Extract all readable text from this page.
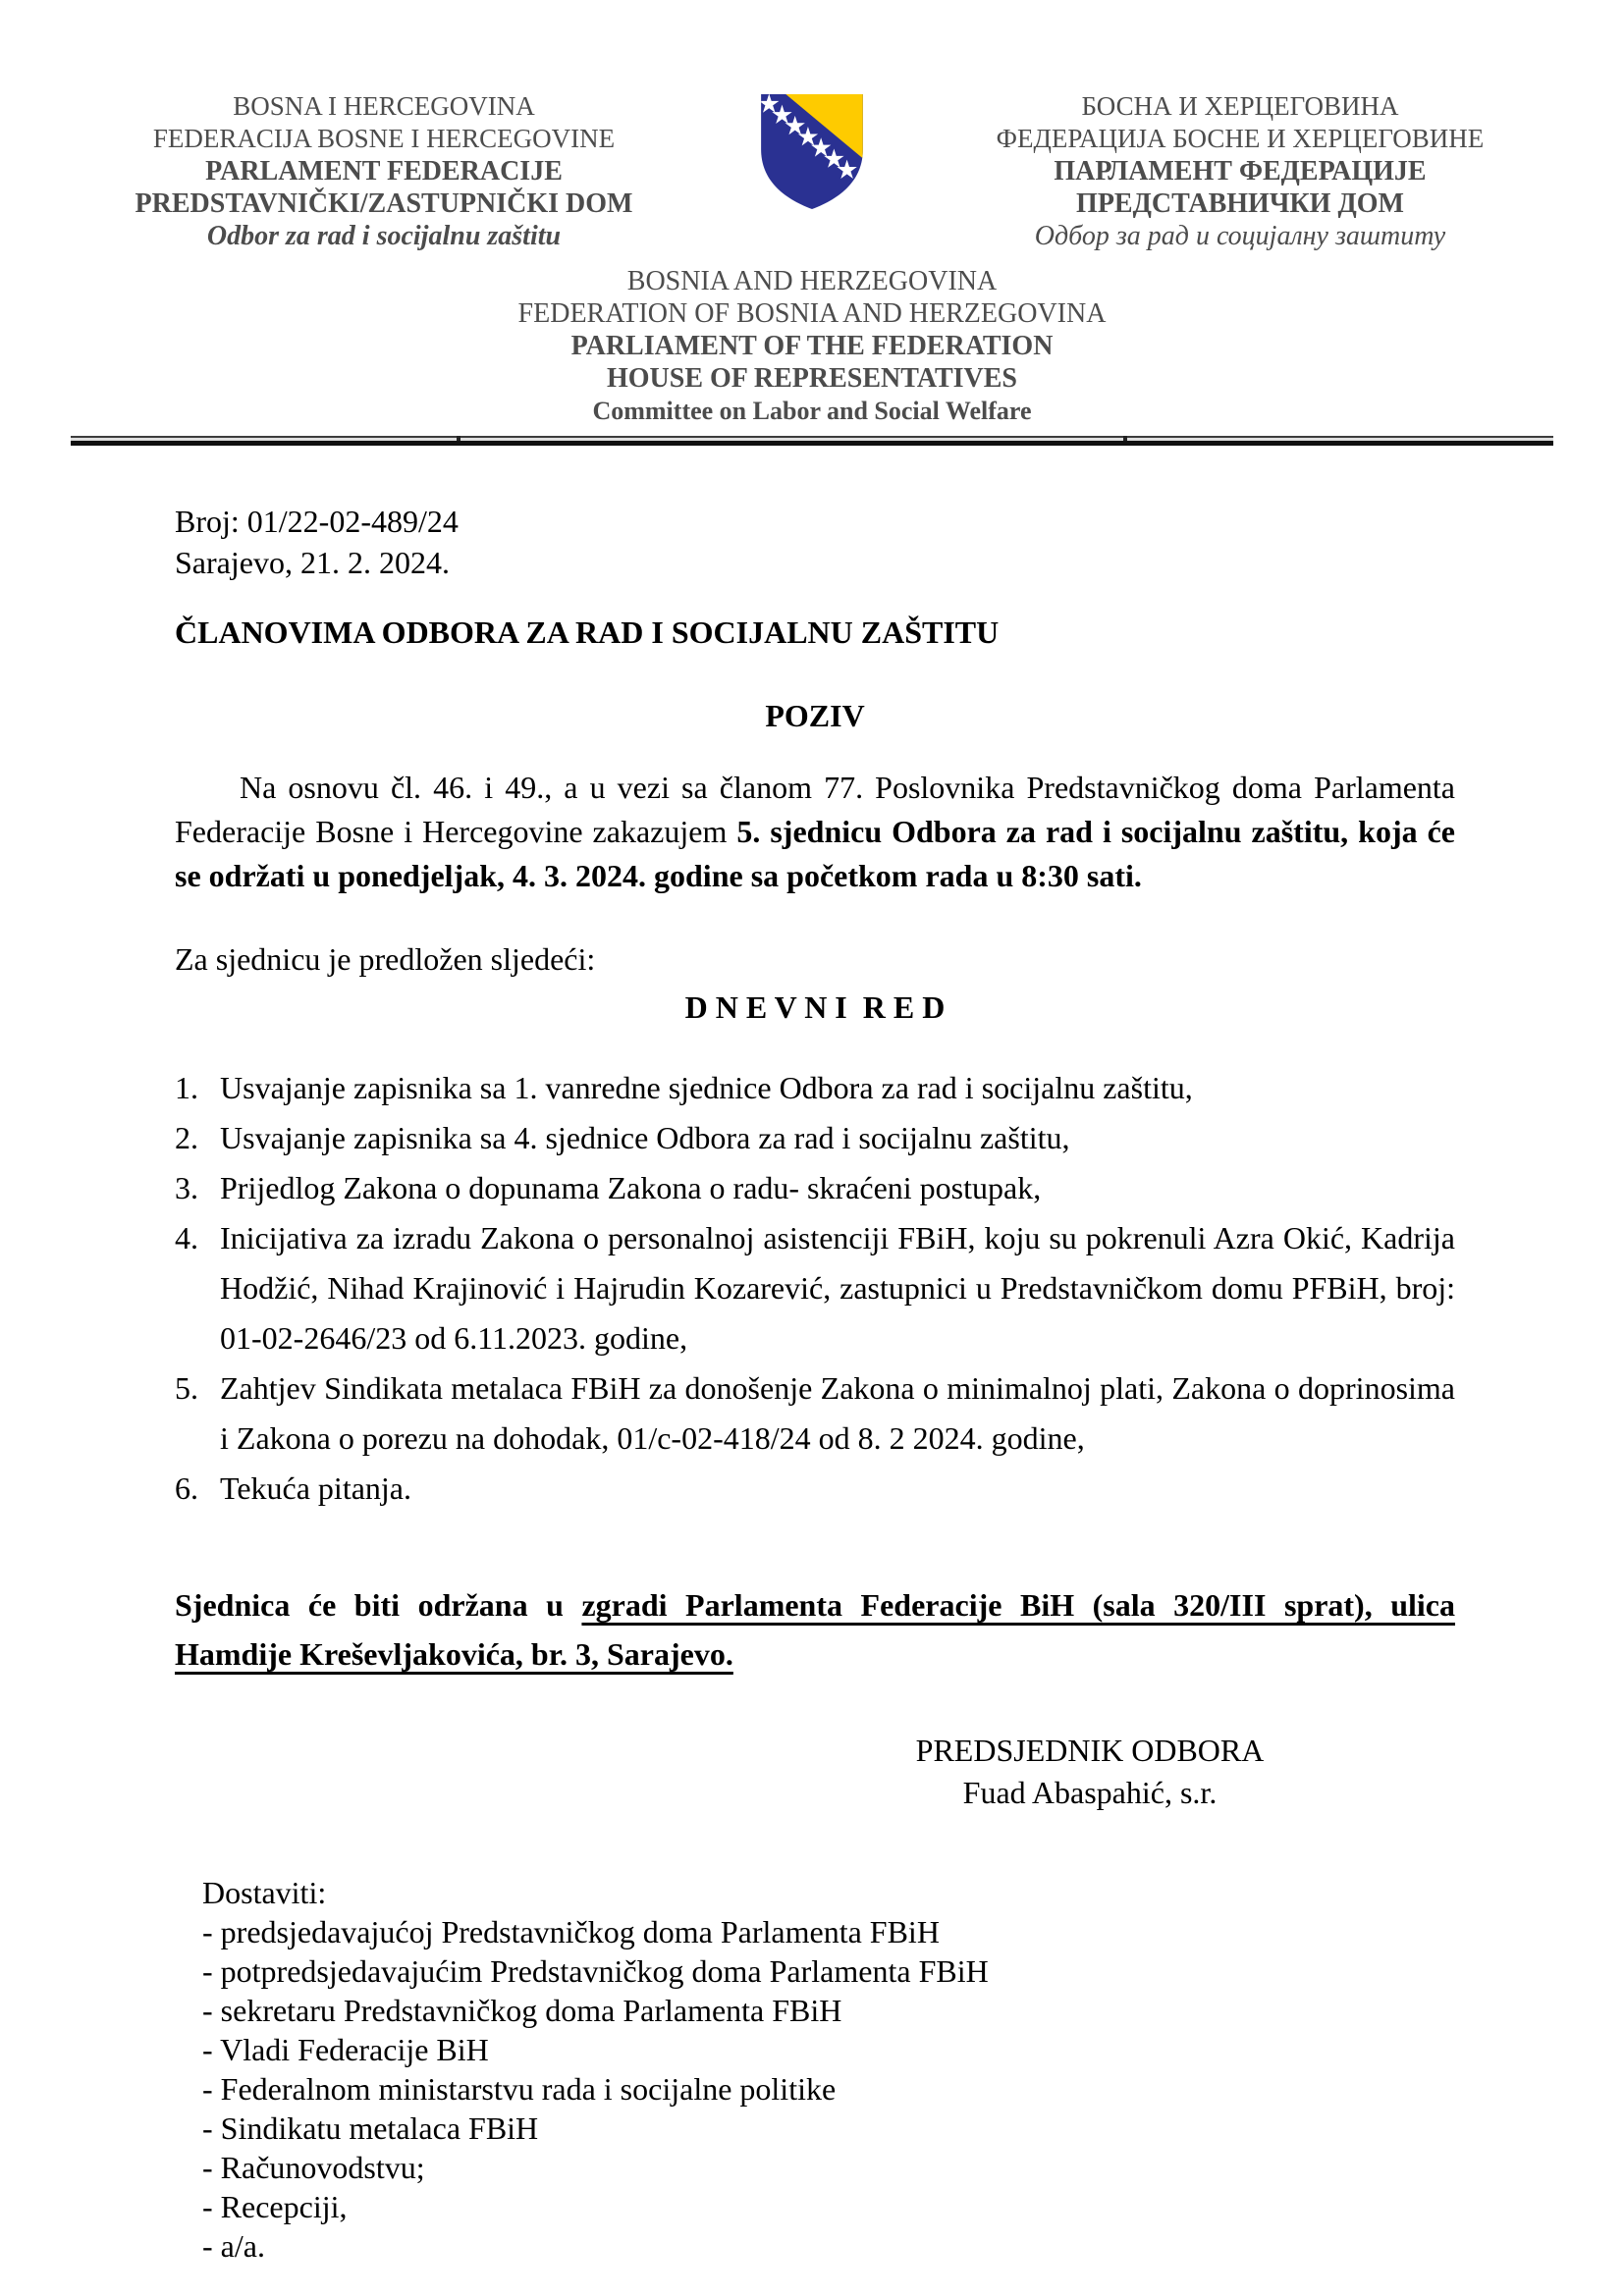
BOSNA I HERCEGOVINA
FEDERACIJA BOSNE I HERCEGOVINE
PARLAMENT FEDERACIJE
PREDSTAVNIČKI/ZASTUPNIČKI DOM
Odbor za rad i socijalnu zaštitu
БОСНА И ХЕРЦЕГОВИНА
ФЕДЕРАЦИЈА БОСНЕ И ХЕРЦЕГОВИНЕ
ПАРЛАМЕНТ ФЕДЕРАЦИЈЕ
ПРЕДСТАВНИЧКИ ДОМ
Одбор за рад и социјалну заштиту
BOSNIA AND HERZEGOVINA
FEDERATION OF BOSNIA AND HERZEGOVINA
PARLIAMENT OF THE FEDERATION
HOUSE OF REPRESENTATIVES
Committee on Labor and Social Welfare
Broj: 01/22-02-489/24
Sarajevo, 21. 2. 2024.
ČLANOVIMA ODBORA ZA RAD I SOCIJALNU ZAŠTITU
POZIV

Na osnovu čl. 46. i 49., a u vezi sa članom 77. Poslovnika Predstavničkog doma Parlamenta Federacije Bosne i Hercegovine zakazujem 5. sjednicu Odbora za rad i socijalnu zaštitu, koja će se održati u ponedjeljak, 4. 3. 2024. godine sa početkom rada u 8:30 sati.

Za sjednicu je predložen sljedeći:
D N E V N I  R E D
1. Usvajanje zapisnika sa 1. vanredne sjednice Odbora za rad i socijalnu zaštitu,
2. Usvajanje zapisnika sa 4. sjednice Odbora za rad i socijalnu zaštitu,
3. Prijedlog Zakona o dopunama Zakona o radu- skraćeni postupak,
4. Inicijativa za izradu Zakona o personalnoj asistenciji FBiH, koju su pokrenuli Azra Okić, Kadrija Hodžić, Nihad Krajinović i Hajrudin Kozarević, zastupnici u Predstavničkom domu PFBiH, broj: 01-02-2646/23 od 6.11.2023. godine,
5. Zahtjev Sindikata metalaca FBiH za donošenje Zakona o minimalnoj plati, Zakona o doprinosima i Zakona o porezu na dohodak, 01/c-02-418/24 od 8. 2 2024. godine,
6. Tekuća pitanja.

Sjednica će biti održana u zgradi Parlamenta Federacije BiH (sala 320/III sprat), ulica Hamdije Kreševljakovića, br. 3, Sarajevo.

PREDSJEDNIK ODBORA
Fuad Abaspahić, s.r.
Dostaviti:
- predsjedavajućoj Predstavničkog doma Parlamenta FBiH
- potpredsjedavajućim Predstavničkog doma Parlamenta FBiH
- sekretaru Predstavničkog doma Parlamenta FBiH
- Vladi Federacije BiH
- Federalnom ministarstvu rada i socijalne politike
- Sindikatu metalaca FBiH
- Računovodstvu;
- Recepciji,
- a/a.
